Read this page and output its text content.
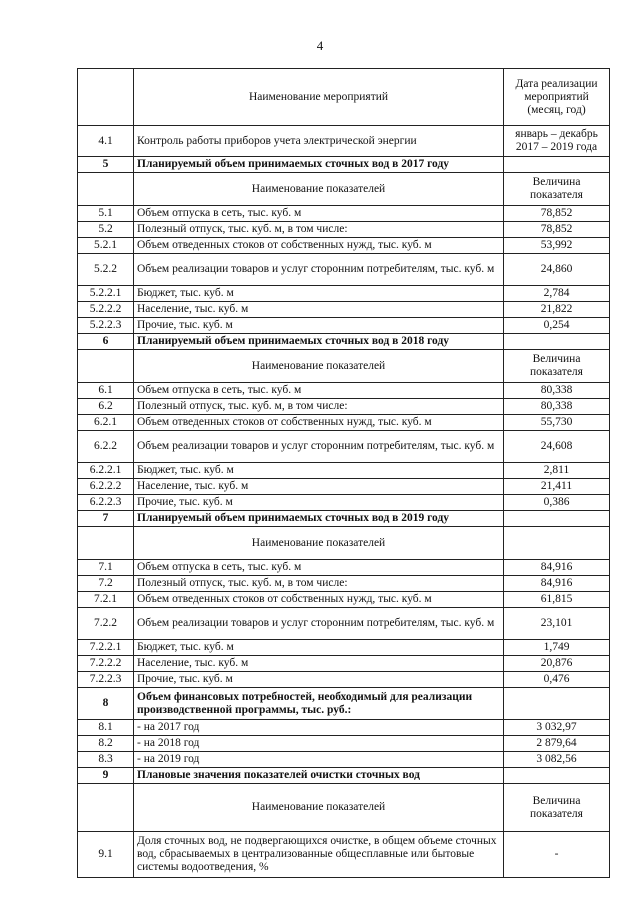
4
	Наименование мероприятий	Дата реализации мероприятий (месяц, год)
4.1	Контроль работы приборов учета электрической энергии	январь – декабрь 2017 – 2019 года
5	Планируемый объем принимаемых сточных вод в 2017 году	
	Наименование показателей	Величина показателя
5.1	Объем отпуска в сеть, тыс. куб. м	78,852
5.2	Полезный отпуск, тыс. куб. м, в том числе:	78,852
5.2.1	Объем отведенных стоков от собственных нужд, тыс. куб. м	53,992
5.2.2	Объем реализации товаров и услуг сторонним потребителям, тыс. куб. м	24,860
5.2.2.1	Бюджет, тыс. куб. м	2,784
5.2.2.2	Население, тыс. куб. м	21,822
5.2.2.3	Прочие, тыс. куб. м	0,254
6	Планируемый объем принимаемых сточных вод в 2018 году	
	Наименование показателей	Величина показателя
6.1	Объем отпуска в сеть, тыс. куб. м	80,338
6.2	Полезный отпуск, тыс. куб. м, в том числе:	80,338
6.2.1	Объем отведенных стоков от собственных нужд, тыс. куб. м	55,730
6.2.2	Объем реализации товаров и услуг сторонним потребителям, тыс. куб. м	24,608
6.2.2.1	Бюджет, тыс. куб. м	2,811
6.2.2.2	Население, тыс. куб. м	21,411
6.2.2.3	Прочие, тыс. куб. м	0,386
7	Планируемый объем принимаемых сточных вод в 2019 году	
	Наименование показателей	
7.1	Объем отпуска в сеть, тыс. куб. м	84,916
7.2	Полезный отпуск, тыс. куб. м, в том числе:	84,916
7.2.1	Объем отведенных стоков от собственных нужд, тыс. куб. м	61,815
7.2.2	Объем реализации товаров и услуг сторонним потребителям, тыс. куб. м	23,101
7.2.2.1	Бюджет, тыс. куб. м	1,749
7.2.2.2	Население, тыс. куб. м	20,876
7.2.2.3	Прочие, тыс. куб. м	0,476
8	Объем финансовых потребностей, необходимый для реализации производственной программы, тыс. руб.:	
8.1	- на 2017 год	3 032,97
8.2	- на 2018 год	2 879,64
8.3	- на 2019 год	3 082,56
9	Плановые значения показателей очистки сточных вод	
	Наименование показателей	Величина показателя
9.1	Доля сточных вод, не подвергающихся очистке, в общем объеме сточных вод, сбрасываемых в централизованные общесплавные или бытовые системы водоотведения, %	-
